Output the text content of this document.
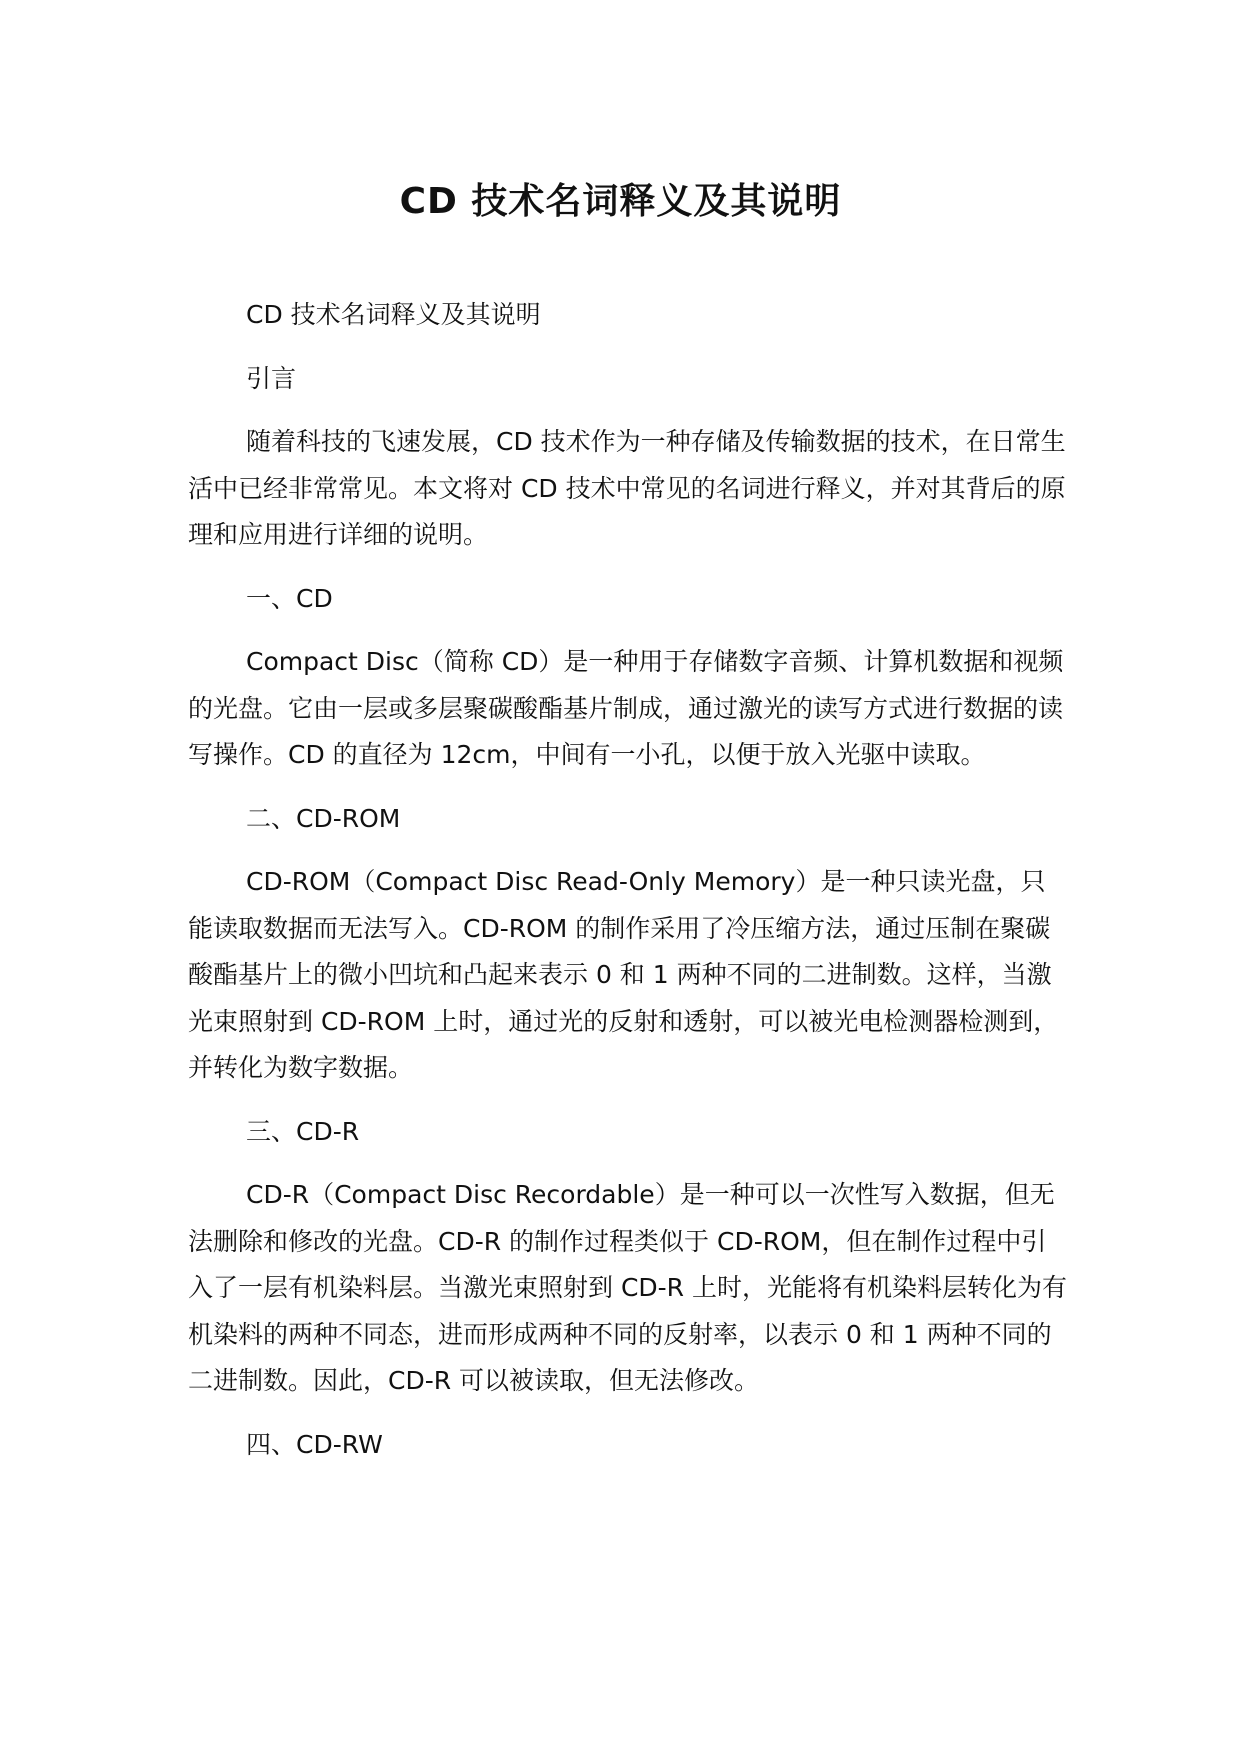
CD 技术名词释义及其说明

CD 技术名词释义及其说明

引言

随着科技的飞速发展，CD 技术作为一种存储及传输数据的技术，在日常生活中已经非常常见。本文将对 CD 技术中常见的名词进行释义，并对其背后的原理和应用进行详细的说明。

一、CD

Compact Disc（简称 CD）是一种用于存储数字音频、计算机数据和视频的光盘。它由一层或多层聚碳酸酯基片制成，通过激光的读写方式进行数据的读写操作。CD 的直径为 12cm，中间有一小孔，以便于放入光驱中读取。

二、CD-ROM

CD-ROM（Compact Disc Read-Only Memory）是一种只读光盘，只能读取数据而无法写入。CD-ROM 的制作采用了冷压缩方法，通过压制在聚碳酸酯基片上的微小凹坑和凸起来表示 0 和 1 两种不同的二进制数。这样，当激光束照射到 CD-ROM 上时，通过光的反射和透射，可以被光电检测器检测到，并转化为数字数据。

三、CD-R

CD-R（Compact Disc Recordable）是一种可以一次性写入数据，但无法删除和修改的光盘。CD-R 的制作过程类似于 CD-ROM，但在制作过程中引入了一层有机染料层。当激光束照射到 CD-R 上时，光能将有机染料层转化为有机染料的两种不同态，进而形成两种不同的反射率，以表示 0 和 1 两种不同的二进制数。因此，CD-R 可以被读取，但无法修改。

四、CD-RW
